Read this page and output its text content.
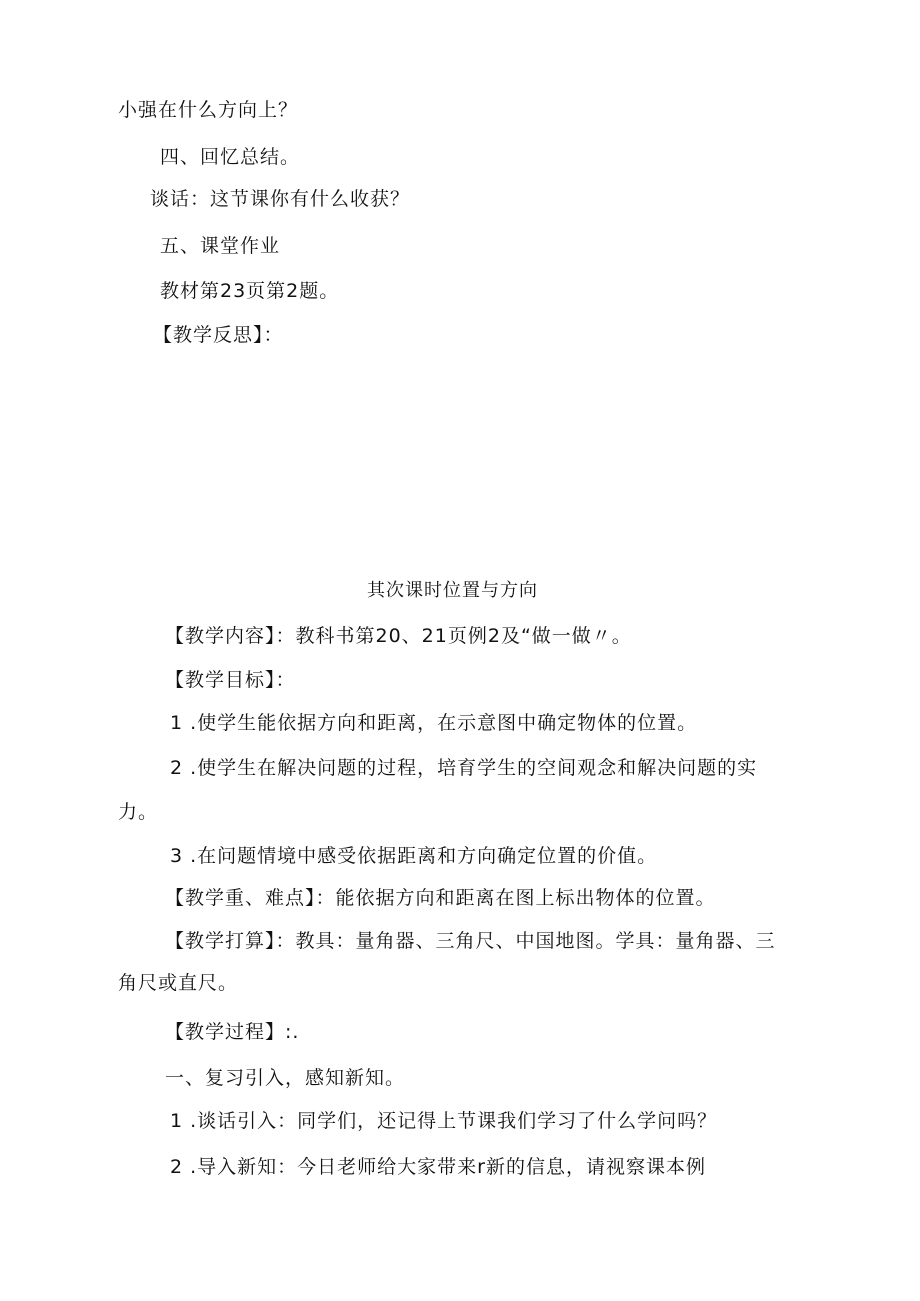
小强在什么方向上？
四、回忆总结。
谈话：这节课你有什么收获？
五、课堂作业
教材第23页第2题。
【教学反思】：
其次课时位置与方向
【教学内容】：教科书第20、21页例2及“做一做〃。
【教学目标】：
1 .使学生能依据方向和距离，在示意图中确定物体的位置。
2 .使学生在解决问题的过程，培育学生的空间观念和解决问题的实
力。
3 .在问题情境中感受依据距离和方向确定位置的价值。
【教学重、难点】：能依据方向和距离在图上标出物体的位置。
【教学打算】：教具：量角器、三角尺、中国地图。学具：量角器、三
角尺或直尺。
【教学过程】:.
一、复习引入，感知新知。
1 .谈话引入：同学们，还记得上节课我们学习了什么学问吗？
2 .导入新知：今日老师给大家带来r新的信息，请视察课本例
